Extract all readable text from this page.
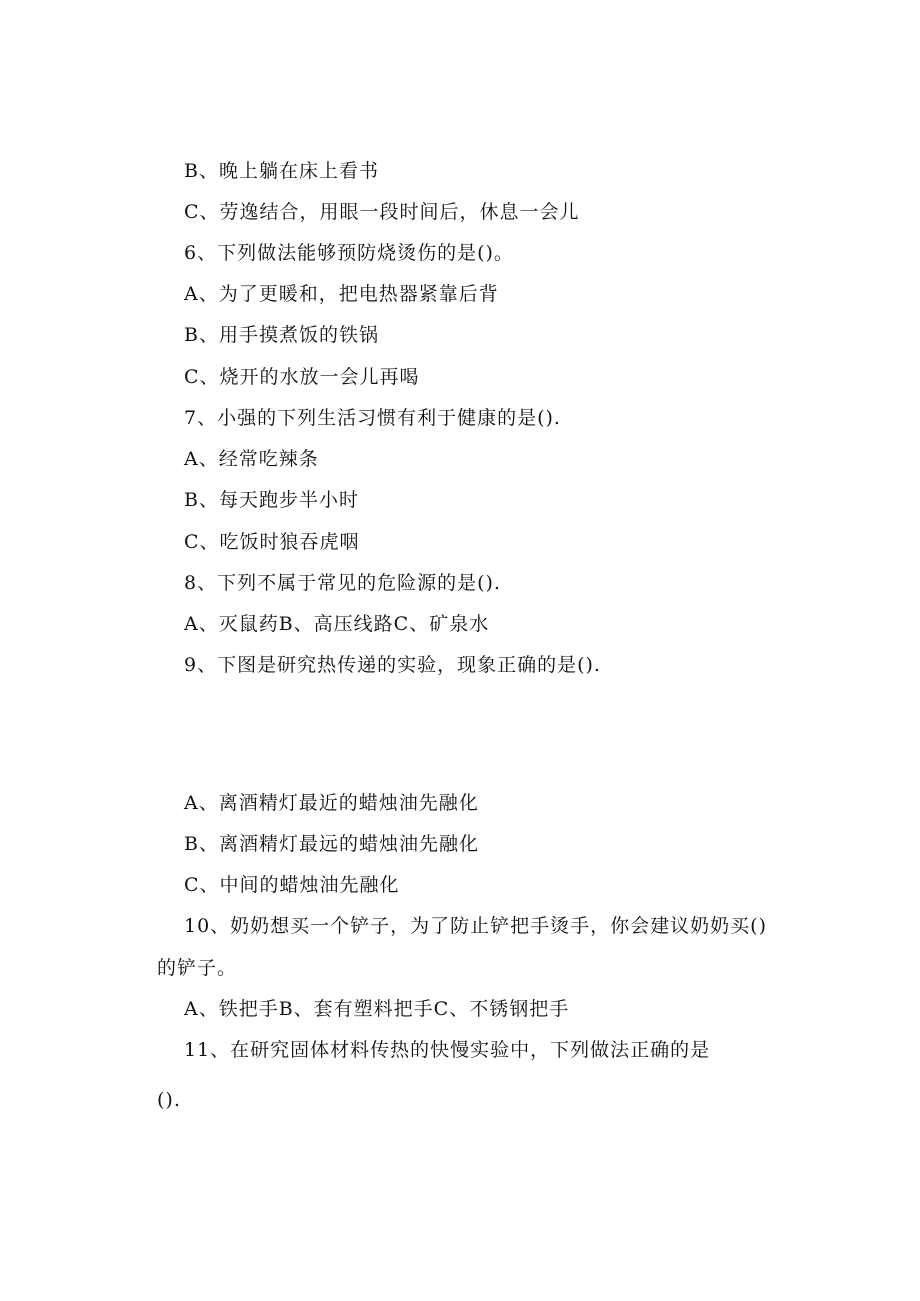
B、晚上躺在床上看书
C、劳逸结合，用眼一段时间后，休息一会儿
6、下列做法能够预防烧烫伤的是()。
A、为了更暖和，把电热器紧靠后背
B、用手摸煮饭的铁锅
C、烧开的水放一会儿再喝
7、小强的下列生活习惯有利于健康的是().
A、经常吃辣条
B、每天跑步半小时
C、吃饭时狼吞虎咽
8、下列不属于常见的危险源的是().
A、灭鼠药B、高压线路C、矿泉水
9、下图是研究热传递的实验，现象正确的是().
A、离酒精灯最近的蜡烛油先融化
B、离酒精灯最远的蜡烛油先融化
C、中间的蜡烛油先融化
10、奶奶想买一个铲子，为了防止铲把手烫手，你会建议奶奶买()
的铲子。
A、铁把手B、套有塑料把手C、不锈钢把手
11、在研究固体材料传热的快慢实验中，下列做法正确的是
().
